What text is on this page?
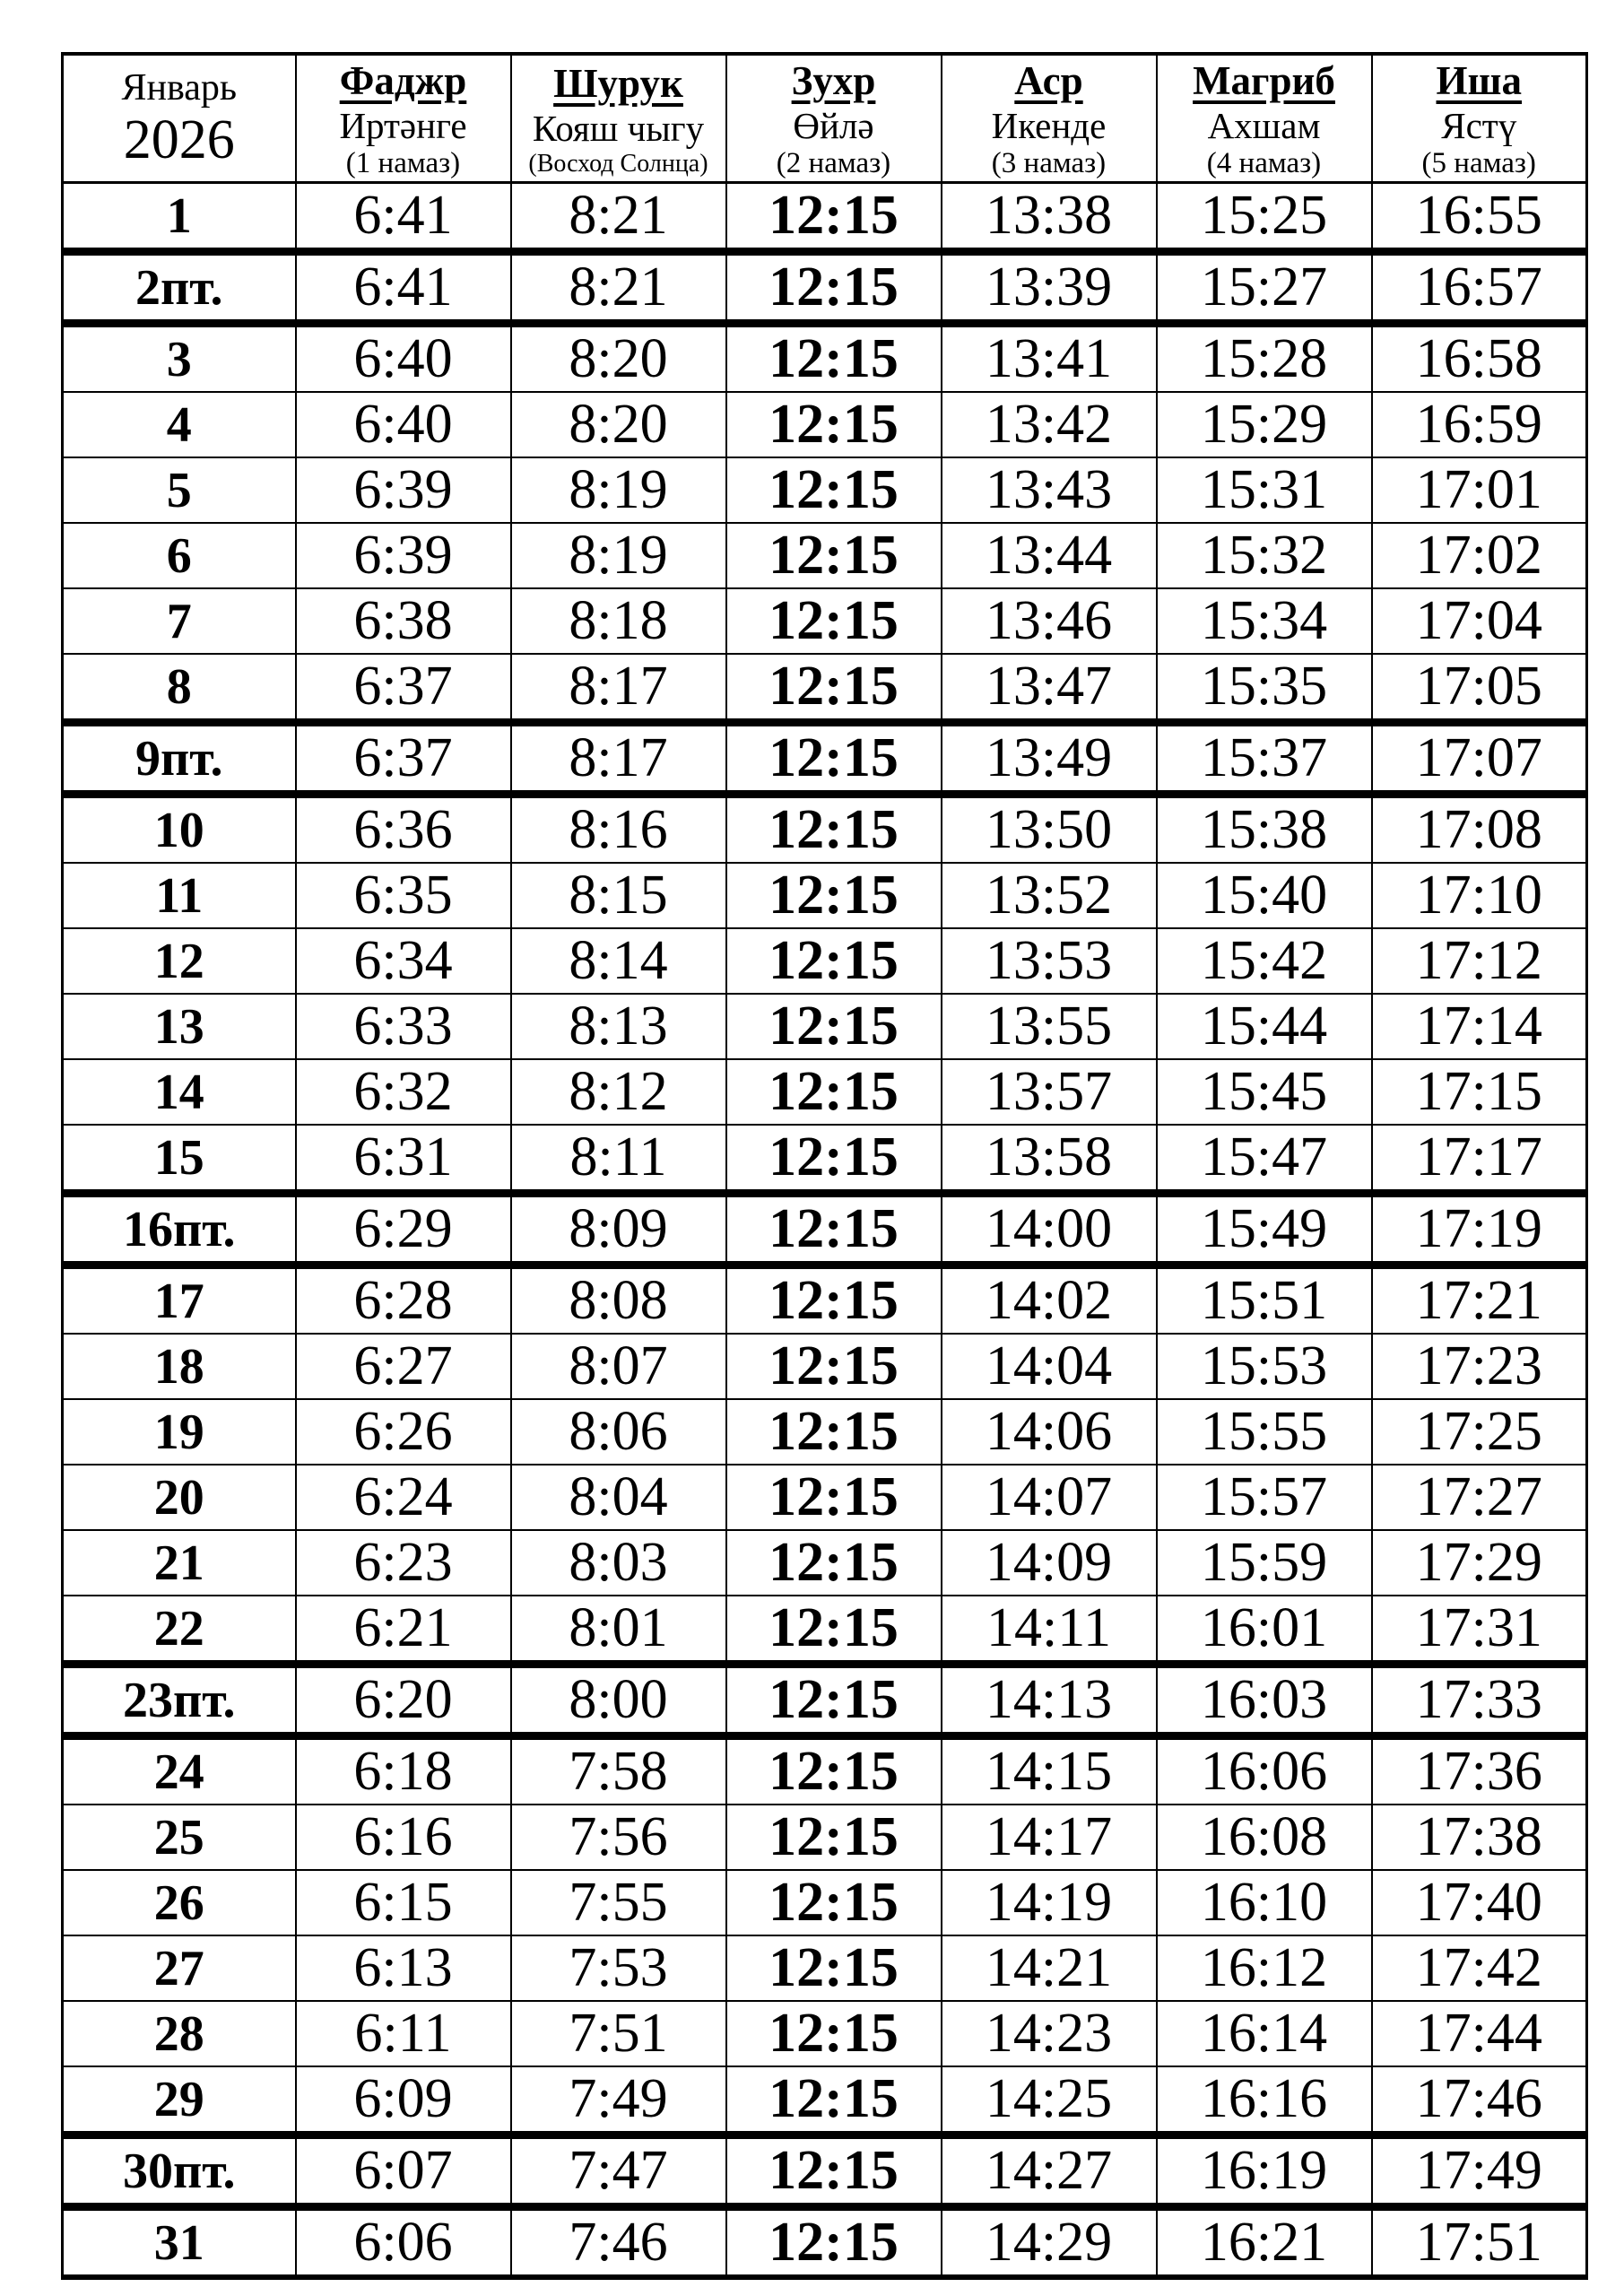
Январь
2026

Фаджр
Иртәнге
(1 намаз)

Шурук
Кояш чыгу
(Восход Солнца)

Зухр
Өйлә
(2 намаз)

Аср
Икенде
(3 намаз)

Магриб
Ахшам
(4 намаз)

Иша
Ястү
(5 намаз)

1	6:41	8:21	12:15	13:38	15:25	16:55
2пт.	6:41	8:21	12:15	13:39	15:27	16:57
3	6:40	8:20	12:15	13:41	15:28	16:58
4	6:40	8:20	12:15	13:42	15:29	16:59
5	6:39	8:19	12:15	13:43	15:31	17:01
6	6:39	8:19	12:15	13:44	15:32	17:02
7	6:38	8:18	12:15	13:46	15:34	17:04
8	6:37	8:17	12:15	13:47	15:35	17:05
9пт.	6:37	8:17	12:15	13:49	15:37	17:07
10	6:36	8:16	12:15	13:50	15:38	17:08
11	6:35	8:15	12:15	13:52	15:40	17:10
12	6:34	8:14	12:15	13:53	15:42	17:12
13	6:33	8:13	12:15	13:55	15:44	17:14
14	6:32	8:12	12:15	13:57	15:45	17:15
15	6:31	8:11	12:15	13:58	15:47	17:17
16пт.	6:29	8:09	12:15	14:00	15:49	17:19
17	6:28	8:08	12:15	14:02	15:51	17:21
18	6:27	8:07	12:15	14:04	15:53	17:23
19	6:26	8:06	12:15	14:06	15:55	17:25
20	6:24	8:04	12:15	14:07	15:57	17:27
21	6:23	8:03	12:15	14:09	15:59	17:29
22	6:21	8:01	12:15	14:11	16:01	17:31
23пт.	6:20	8:00	12:15	14:13	16:03	17:33
24	6:18	7:58	12:15	14:15	16:06	17:36
25	6:16	7:56	12:15	14:17	16:08	17:38
26	6:15	7:55	12:15	14:19	16:10	17:40
27	6:13	7:53	12:15	14:21	16:12	17:42
28	6:11	7:51	12:15	14:23	16:14	17:44
29	6:09	7:49	12:15	14:25	16:16	17:46
30пт.	6:07	7:47	12:15	14:27	16:19	17:49
31	6:06	7:46	12:15	14:29	16:21	17:51
